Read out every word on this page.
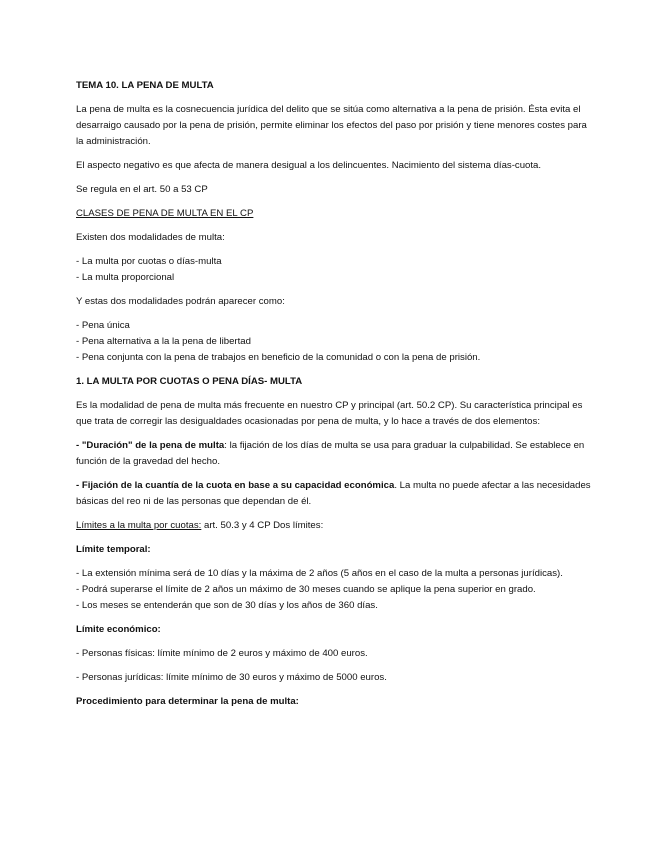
TEMA 10. LA PENA DE MULTA

La pena de multa es la cosnecuencia jurídica del delito que se sitúa como alternativa a la pena de prisión. Ésta evita el desarraigo causado por la pena de prisión, permite eliminar los efectos del paso por prisión y tiene menores costes para la administración.

El aspecto negativo es que afecta de manera desigual a los delincuentes. Nacimiento del sistema días-cuota.

Se regula en el art. 50 a 53 CP

CLASES DE PENA DE MULTA EN EL CP

Existen dos modalidades de multa:

- La multa por cuotas o días-multa

- La multa proporcional

Y estas dos modalidades podrán aparecer como:

- Pena única

- Pena alternativa a la la pena de libertad

- Pena conjunta con la pena de trabajos en beneficio de la comunidad o con la pena de prisión.

1. LA MULTA POR CUOTAS O PENA DÍAS- MULTA

Es la modalidad de pena de multa más frecuente en nuestro CP y principal (art. 50.2 CP). Su característica principal es que trata de corregir las desigualdades ocasionadas por pena de multa, y lo hace a través de dos elementos:

- "Duración" de la pena de multa: la fijación de los días de multa se usa para graduar la culpabilidad. Se establece en función de la gravedad del hecho.

- Fijación de la cuantía de la cuota en base a su capacidad económica. La multa no puede afectar a las necesidades básicas del reo ni de las personas que dependan de él.

Límites a la multa por cuotas: art. 50.3 y 4 CP Dos límites:

Límite temporal:

- La extensión mínima será de 10 días y la máxima de 2 años (5 años en el caso de la multa a personas jurídicas).

- Podrá superarse el límite de 2 años un máximo de 30 meses cuando se aplique la pena superior en grado.

- Los meses se entenderán que son de 30 días y los años de 360 días.

Límite económico:

- Personas físicas: límite mínimo de 2 euros y máximo de 400 euros.

- Personas jurídicas: límite mínimo de 30 euros y máximo de 5000 euros.

Procedimiento para determinar la pena de multa:
